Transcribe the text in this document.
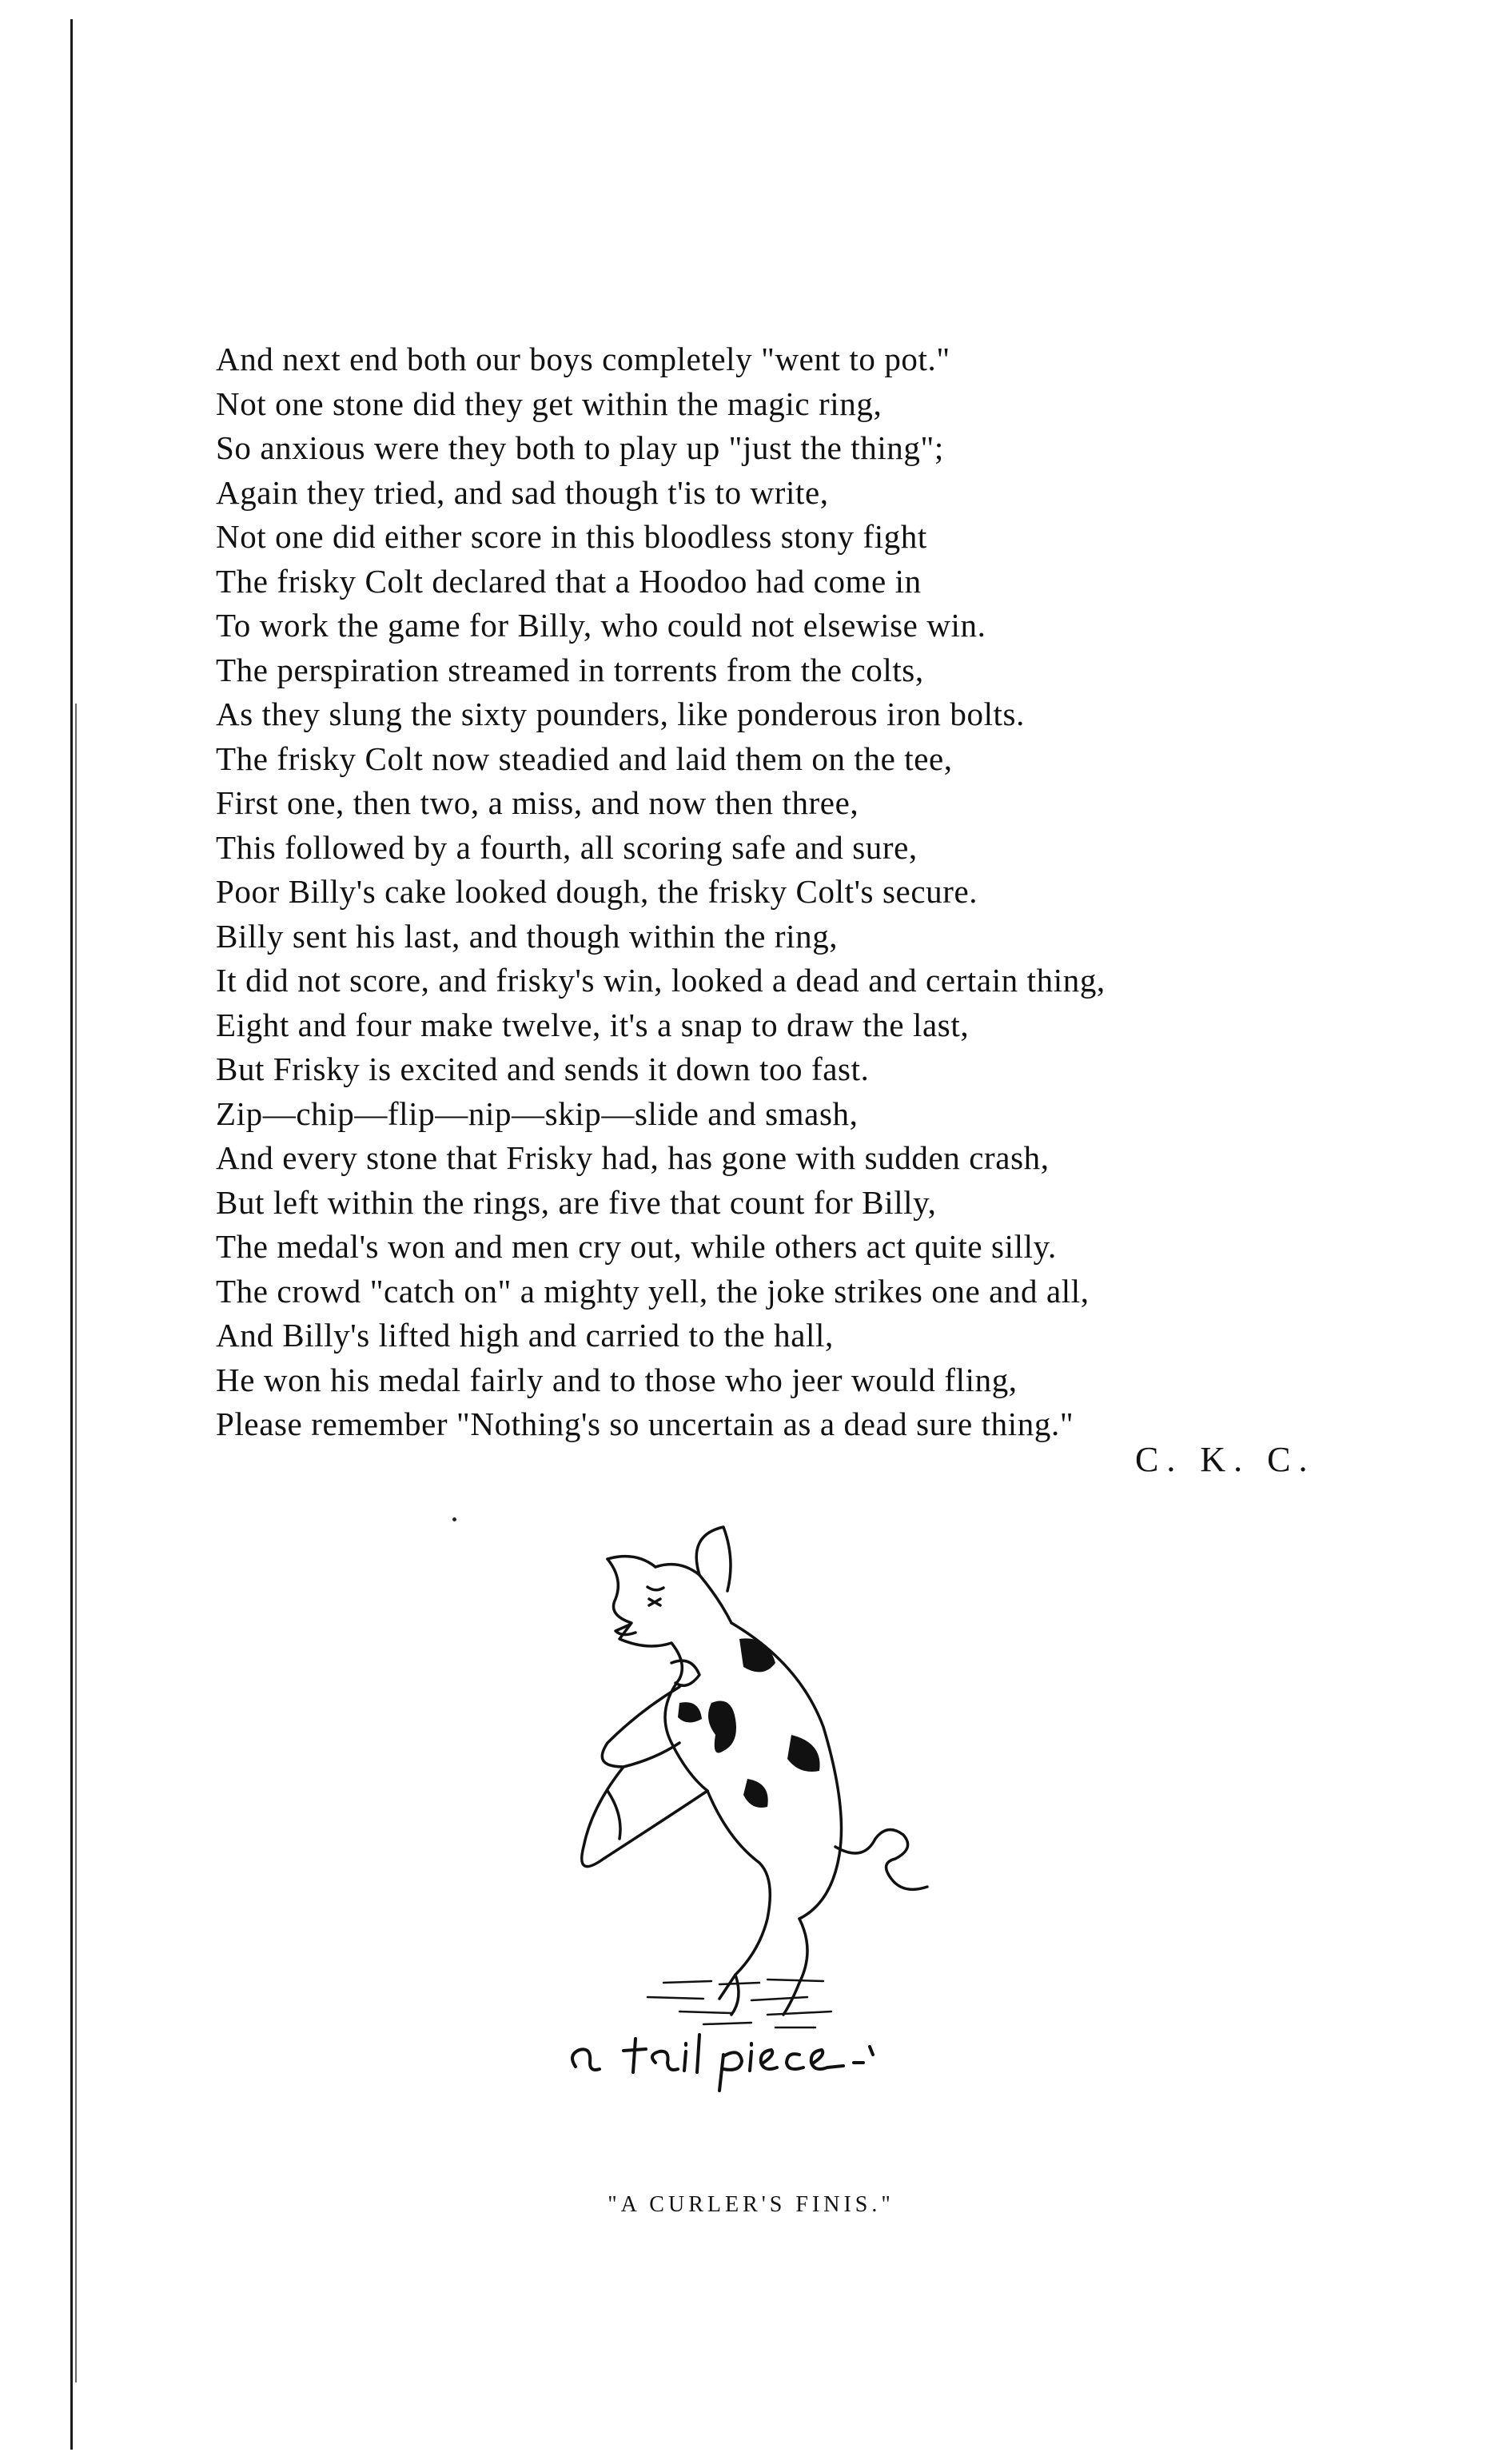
And next end both our boys completely "went to pot."
Not one stone did they get within the magic ring,
So anxious were they both to play up "just the thing";
Again they tried, and sad though t'is to write,
Not one did either score in this bloodless stony fight
The frisky Colt declared that a Hoodoo had come in
To work the game for Billy, who could not elsewise win.
The perspiration streamed in torrents from the colts,
As they slung the sixty pounders, like ponderous iron bolts.
The frisky Colt now steadied and laid them on the tee,
First one, then two, a miss, and now then three,
This followed by a fourth, all scoring safe and sure,
Poor Billy's cake looked dough, the frisky Colt's secure.
Billy sent his last, and though within the ring,
It did not score, and frisky's win, looked a dead and certain thing,
Eight and four make twelve, it's a snap to draw the last,
But Frisky is excited and sends it down too fast.
Zip—chip—flip—nip—skip—slide and smash,
And every stone that Frisky had, has gone with sudden crash,
But left within the rings, are five that count for Billy,
The medal's won and men cry out, while others act quite silly.
The crowd "catch on" a mighty yell, the joke strikes one and all,
And Billy's lifted high and carried to the hall,
He won his medal fairly and to those who jeer would fling,
Please remember "Nothing's so uncertain as a dead sure thing."
C. K. C.
"A CURLER'S FINIS."
